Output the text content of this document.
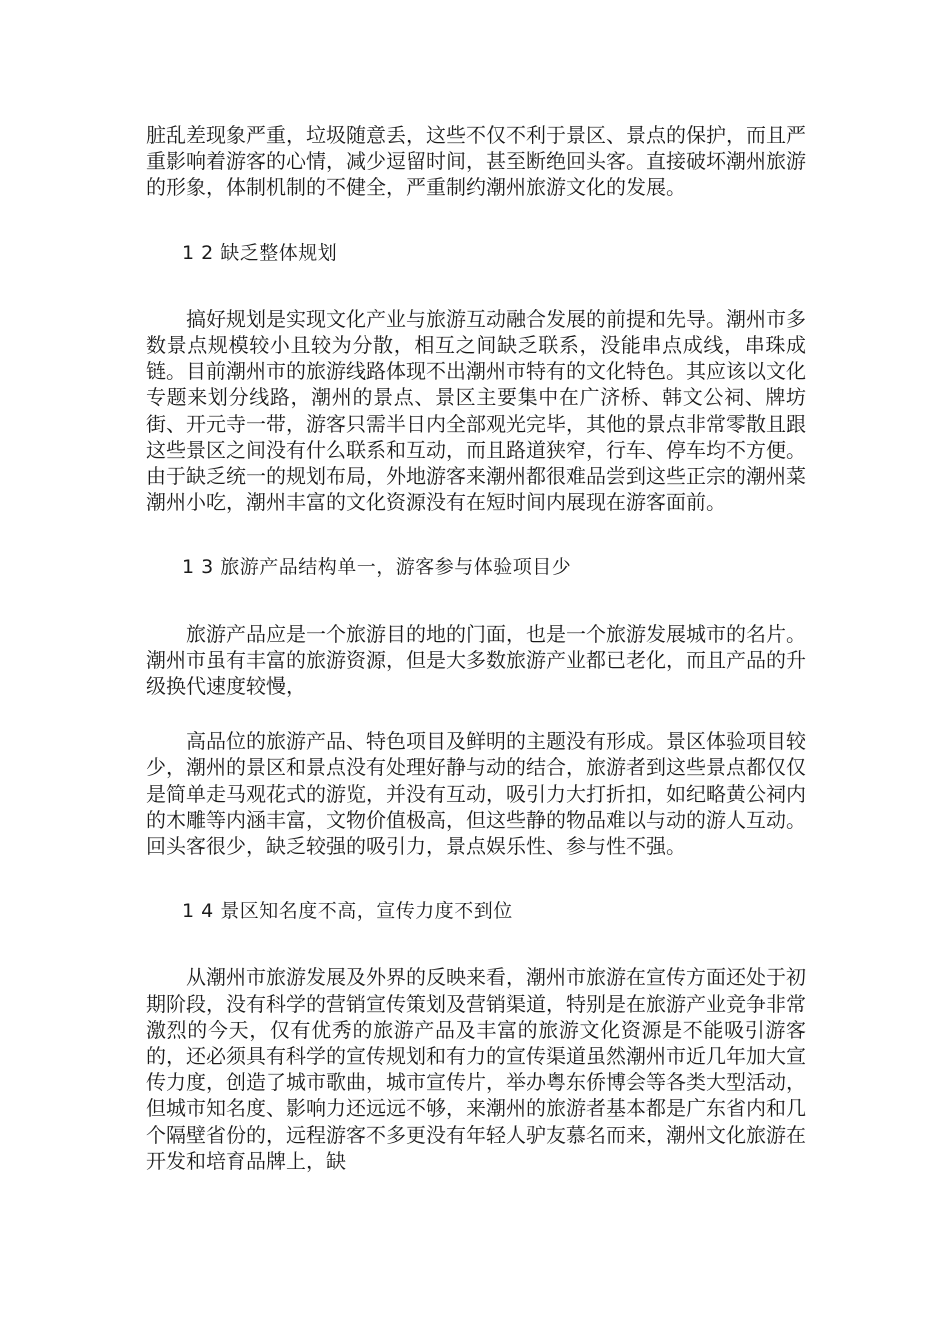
脏乱差现象严重，垃圾随意丢，这些不仅不利于景区、景点的保护，而且严重影响着游客的心情，减少逗留时间，甚至断绝回头客。直接破坏潮州旅游的形象，体制机制的不健全，严重制约潮州旅游文化的发展。

1 2 缺乏整体规划

搞好规划是实现文化产业与旅游互动融合发展的前提和先导。潮州市多数景点规模较小且较为分散，相互之间缺乏联系，没能串点成线，串珠成链。目前潮州市的旅游线路体现不出潮州市特有的文化特色。其应该以文化专题来划分线路，潮州的景点、景区主要集中在广济桥、韩文公祠、牌坊街、开元寺一带，游客只需半日内全部观光完毕，其他的景点非常零散且跟这些景区之间没有什么联系和互动，而且路道狭窄，行车、停车均不方便。由于缺乏统一的规划布局，外地游客来潮州都很难品尝到这些正宗的潮州菜潮州小吃，潮州丰富的文化资源没有在短时间内展现在游客面前。

1 3 旅游产品结构单一，游客参与体验项目少

旅游产品应是一个旅游目的地的门面，也是一个旅游发展城市的名片。潮州市虽有丰富的旅游资源，但是大多数旅游产业都已老化，而且产品的升级换代速度较慢，

高品位的旅游产品、特色项目及鲜明的主题没有形成。景区体验项目较少，潮州的景区和景点没有处理好静与动的结合，旅游者到这些景点都仅仅是简单走马观花式的游览，并没有互动，吸引力大打折扣，如纪略黄公祠内的木雕等内涵丰富，文物价值极高，但这些静的物品难以与动的游人互动。回头客很少，缺乏较强的吸引力，景点娱乐性、参与性不强。

1 4 景区知名度不高，宣传力度不到位

从潮州市旅游发展及外界的反映来看，潮州市旅游在宣传方面还处于初期阶段，没有科学的营销宣传策划及营销渠道，特别是在旅游产业竞争非常激烈的今天，仅有优秀的旅游产品及丰富的旅游文化资源是不能吸引游客的，还必须具有科学的宣传规划和有力的宣传渠道虽然潮州市近几年加大宣传力度，创造了城市歌曲，城市宣传片，举办粤东侨博会等各类大型活动，但城市知名度、影响力还远远不够，来潮州的旅游者基本都是广东省内和几个隔壁省份的，远程游客不多更没有年轻人驴友慕名而来，潮州文化旅游在开发和培育品牌上，缺
